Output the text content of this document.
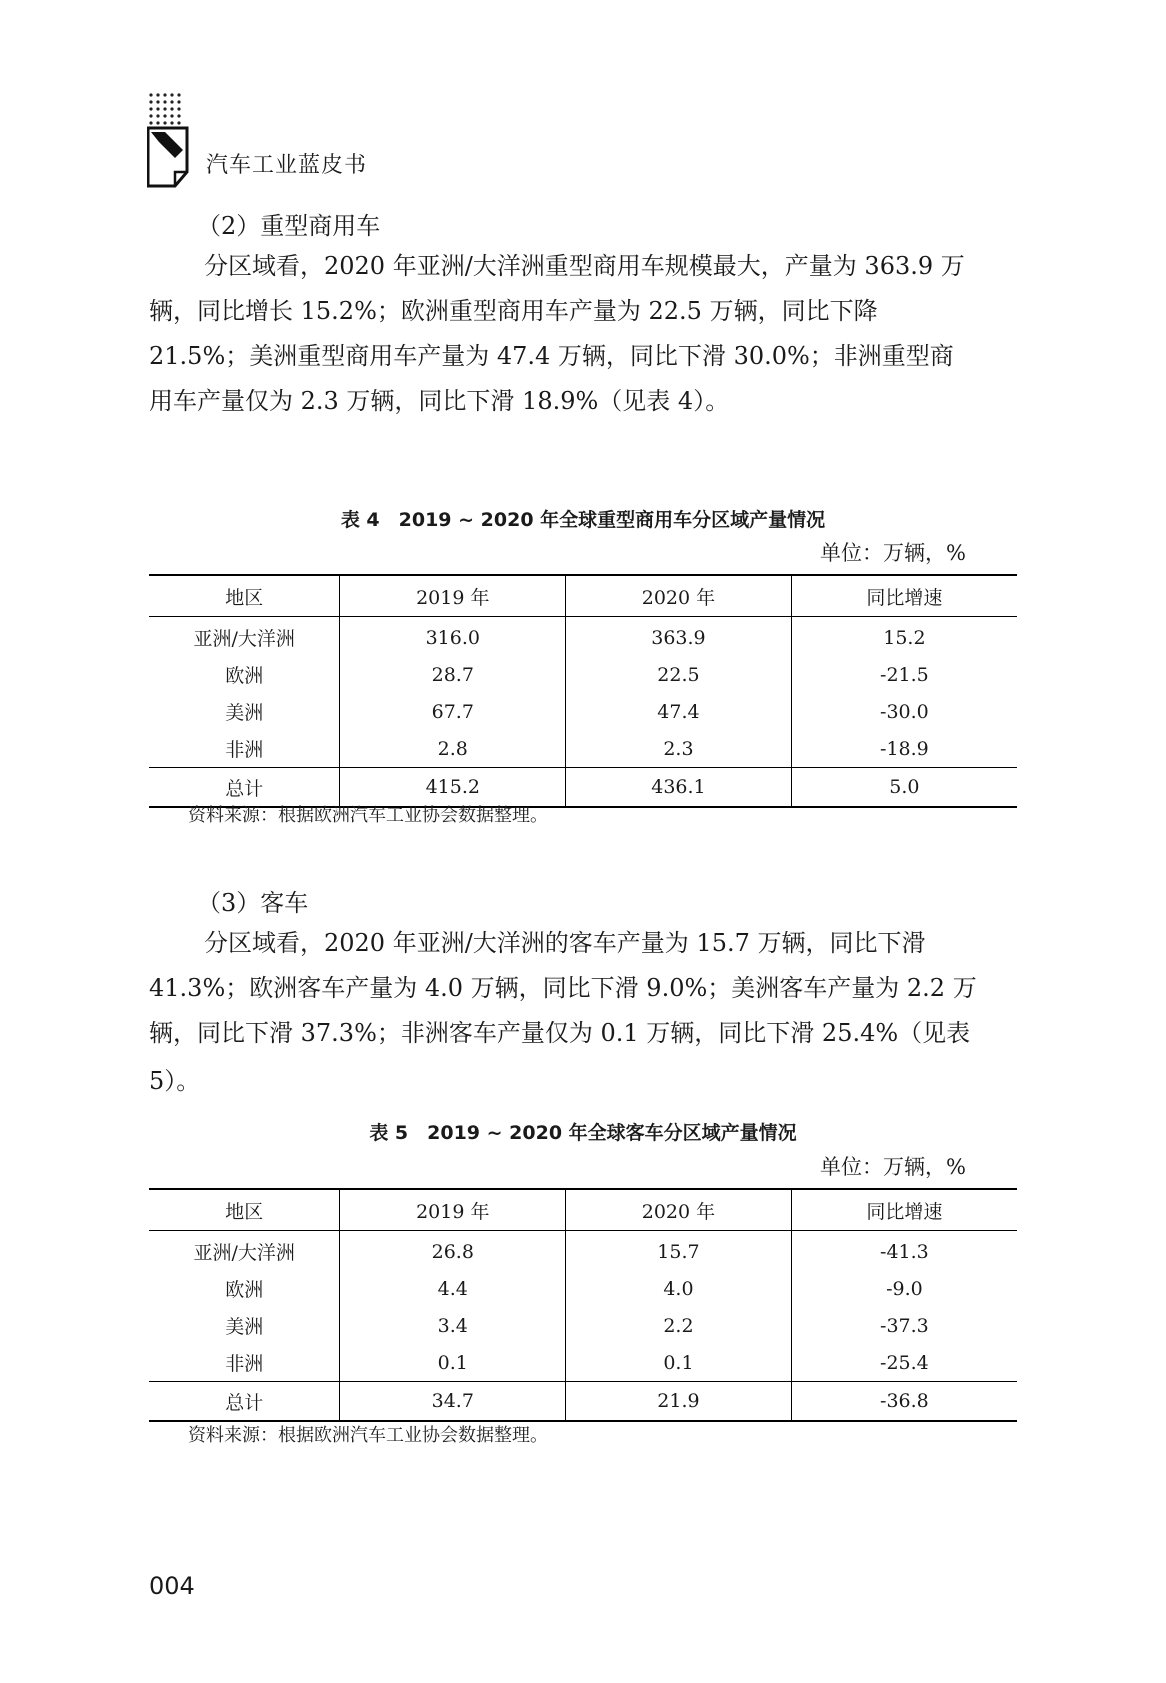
汽车工业蓝皮书

（2）重型商用车

分区域看，2020 年亚洲/大洋洲重型商用车规模最大，产量为 363.9 万

辆，同比增长 15.2%；欧洲重型商用车产量为 22.5 万辆，同比下降

21.5%；美洲重型商用车产量为 47.4 万辆，同比下滑 30.0%；非洲重型商

用车产量仅为 2.3 万辆，同比下滑 18.9%（见表 4）。

表 4　2019 ~ 2020 年全球重型商用车分区域产量情况
单位：万辆，%
地区	2019 年	2020 年	同比增速
亚洲/大洋洲	316.0	363.9	15.2
欧洲	28.7	22.5	-21.5
美洲	67.7	47.4	-30.0
非洲	2.8	2.3	-18.9
总计	415.2	436.1	5.0
资料来源：根据欧洲汽车工业协会数据整理。

（3）客车

分区域看，2020 年亚洲/大洋洲的客车产量为 15.7 万辆，同比下滑

41.3%；欧洲客车产量为 4.0 万辆，同比下滑 9.0%；美洲客车产量为 2.2 万

辆，同比下滑 37.3%；非洲客车产量仅为 0.1 万辆，同比下滑 25.4%（见表 5）。

表 5　2019 ~ 2020 年全球客车分区域产量情况
单位：万辆，%
地区	2019 年	2020 年	同比增速
亚洲/大洋洲	26.8	15.7	-41.3
欧洲	4.4	4.0	-9.0
美洲	3.4	2.2	-37.3
非洲	0.1	0.1	-25.4
总计	34.7	21.9	-36.8
资料来源：根据欧洲汽车工业协会数据整理。
004
